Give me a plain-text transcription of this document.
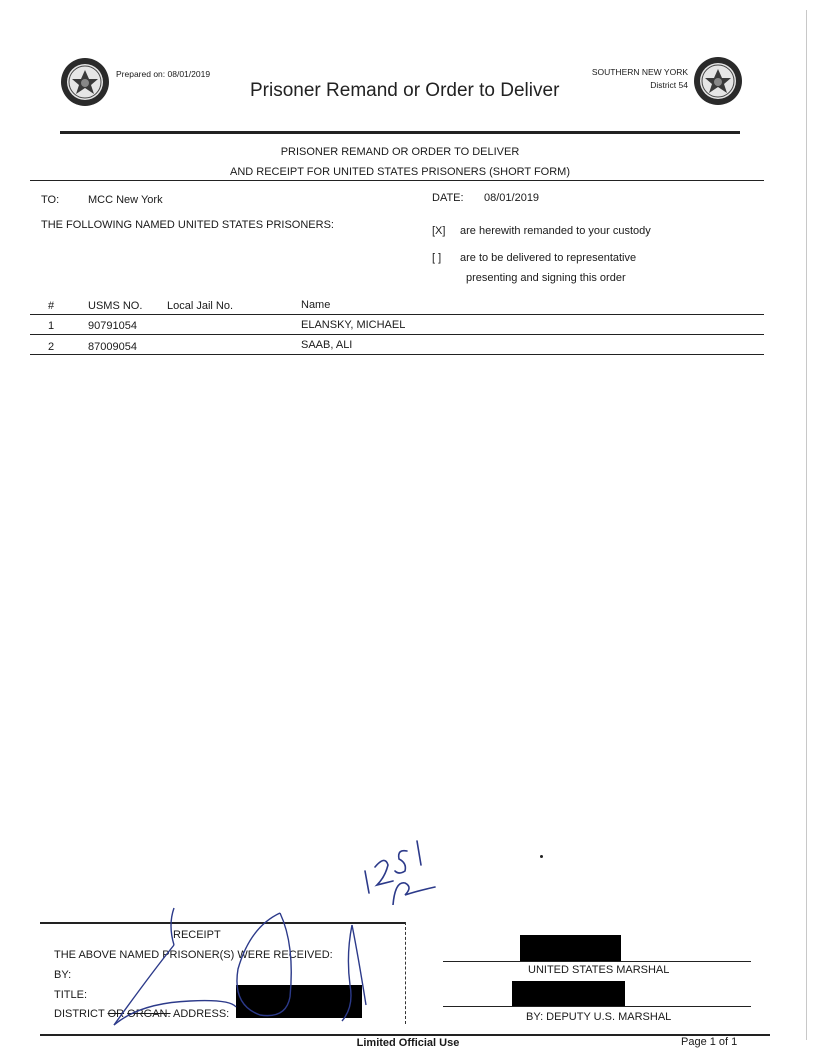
Prepared on: 08/01/2019
Prisoner Remand or Order to Deliver
SOUTHERN NEW YORK
District 54
PRISONER REMAND OR ORDER TO DELIVER
AND RECEIPT FOR UNITED STATES PRISONERS (SHORT FORM)
TO:	MCC New York	DATE: 08/01/2019
THE FOLLOWING NAMED UNITED STATES PRISONERS:	[X] are herewith remanded to your custody
[ ] are to be delivered to representative
presenting and signing this order
#	USMS NO. Local Jail No.	Name
1	90791054	ELANSKY, MICHAEL
2	87009054	SAAB, ALI
RECEIPT
THE ABOVE NAMED PRISONER(S) WERE RECEIVED:
BY:
TITLE:
DISTRICT OR ORGAN. ADDRESS:
UNITED STATES MARSHAL
BY: DEPUTY U.S. MARSHAL
Limited Official Use	Page 1 of 1
